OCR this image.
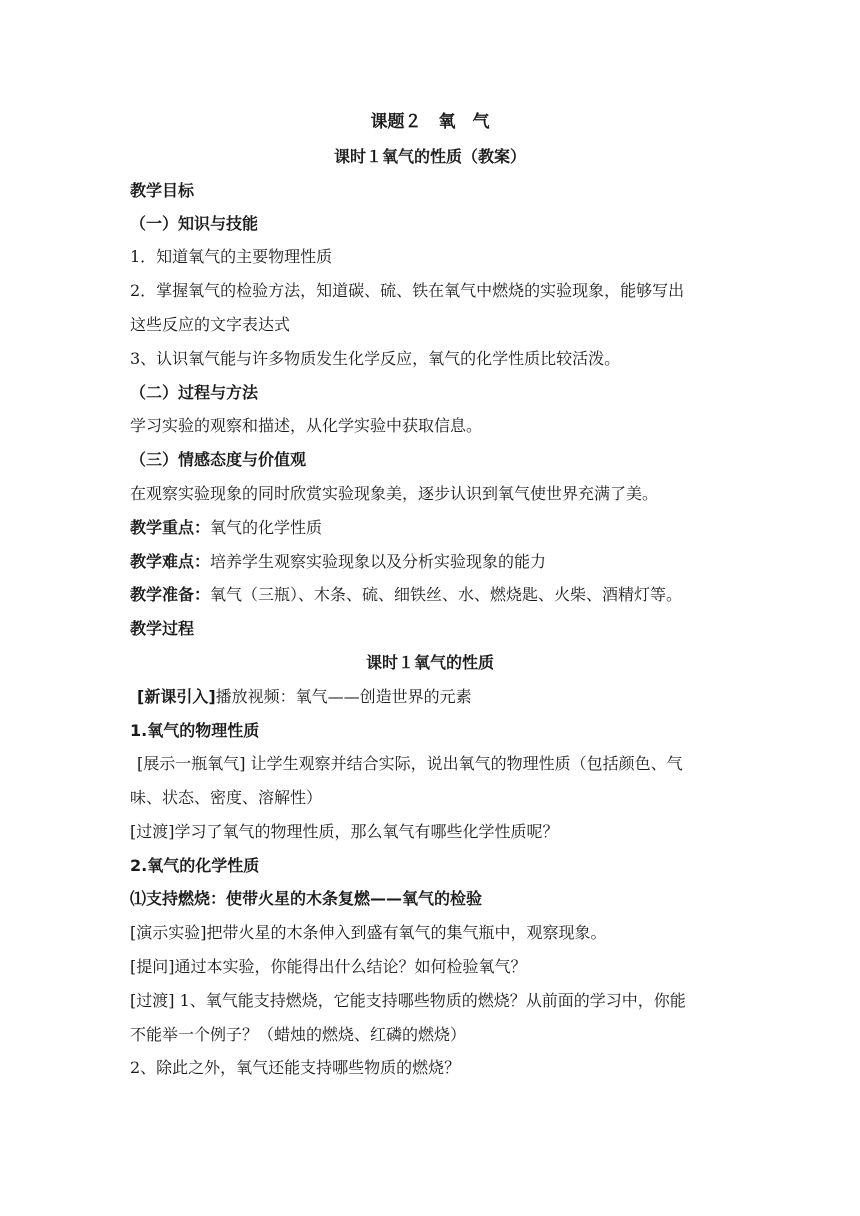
课题２　氧　气
课时１氧气的性质（教案）
教学目标
（一）知识与技能
1．知道氧气的主要物理性质
2．掌握氧气的检验方法，知道碳、硫、铁在氧气中燃烧的实验现象，能够写出
这些反应的文字表达式
3、认识氧气能与许多物质发生化学反应，氧气的化学性质比较活泼。
（二）过程与方法
学习实验的观察和描述，从化学实验中获取信息。
（三）情感态度与价值观
在观察实验现象的同时欣赏实验现象美，逐步认识到氧气使世界充满了美。
教学重点：氧气的化学性质
教学难点：培养学生观察实验现象以及分析实验现象的能力
教学准备：氧气（三瓶）、木条、硫、细铁丝、水、燃烧匙、火柴、酒精灯等。
教学过程
课时１氧气的性质
[新课引入]播放视频：氧气——创造世界的元素
1.氧气的物理性质
[展示一瓶氧气] 让学生观察并结合实际，说出氧气的物理性质（包括颜色、气
味、状态、密度、溶解性）
[过渡]学习了氧气的物理性质，那么氧气有哪些化学性质呢？
2.氧气的化学性质
⑴支持燃烧：使带火星的木条复燃——氧气的检验
[演示实验]把带火星的木条伸入到盛有氧气的集气瓶中，观察现象。
[提问]通过本实验，你能得出什么结论？如何检验氧气？
[过渡] 1、氧气能支持燃烧，它能支持哪些物质的燃烧？从前面的学习中，你能
不能举一个例子？（蜡烛的燃烧、红磷的燃烧）
2、除此之外，氧气还能支持哪些物质的燃烧？
